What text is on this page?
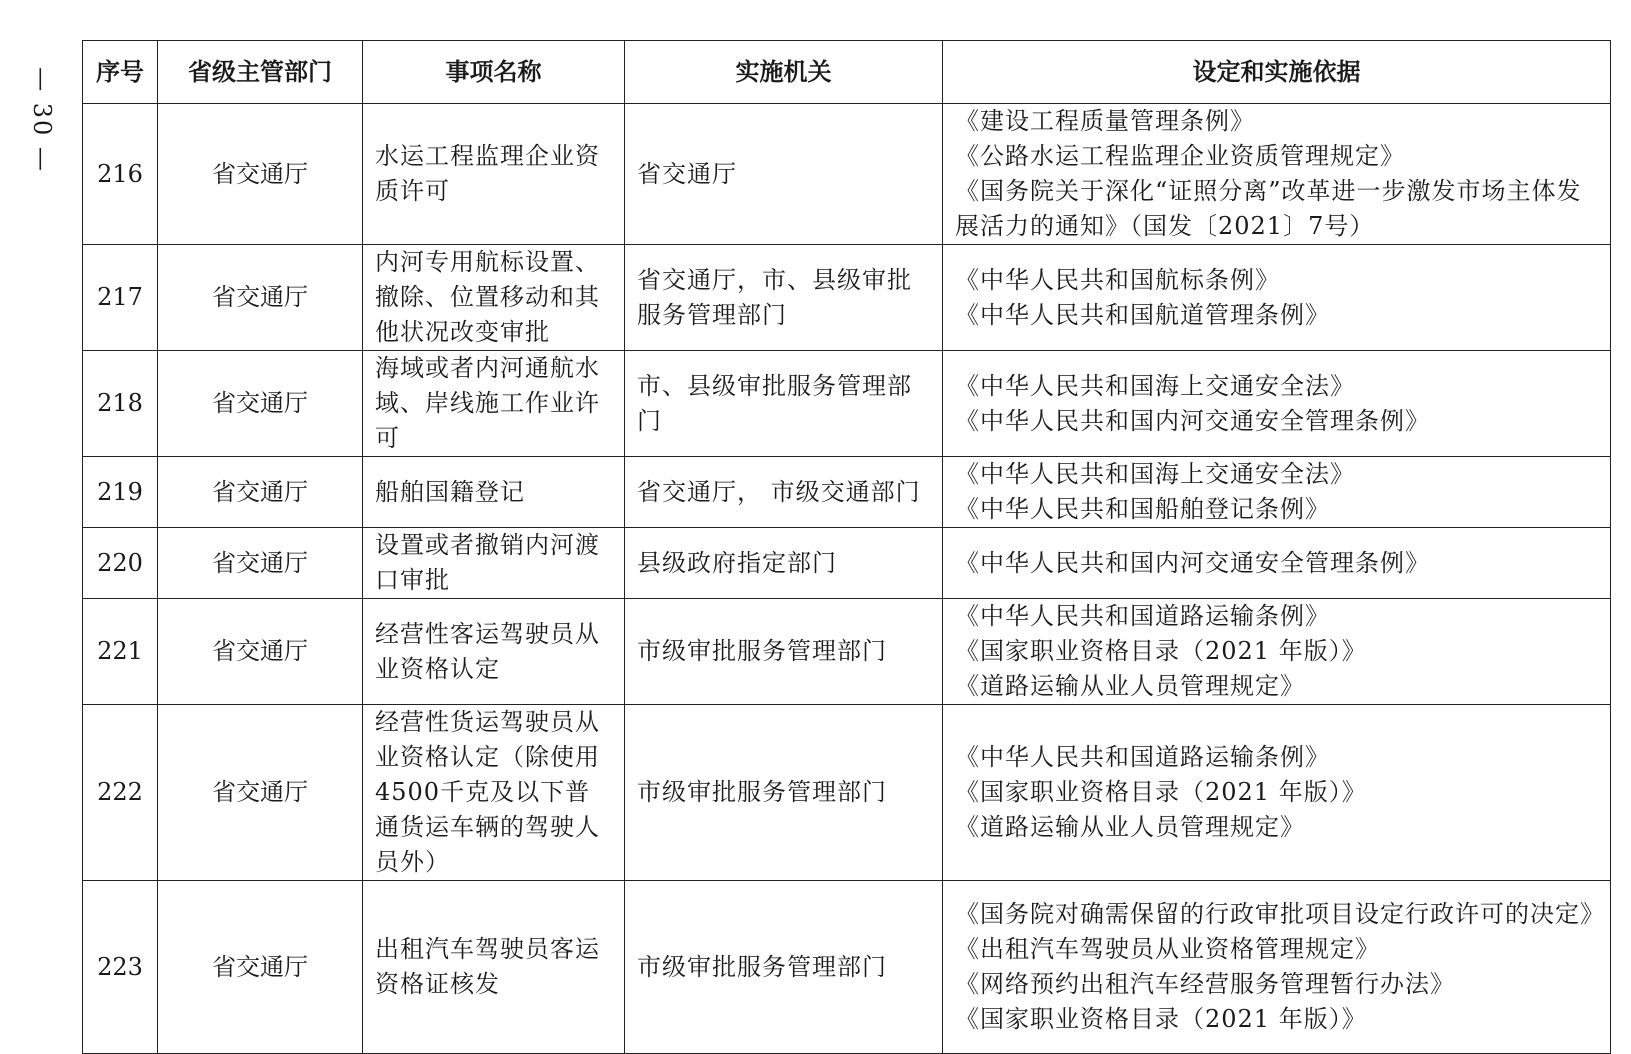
— 30 — 序号	省级主管部门	事项名称	实施机关	设定和实施依据
216	省交通厅	水运工程监理企业资质许可	省交通厅	《建设工程质量管理条例》
《公路水运工程监理企业资质管理规定》
《国务院关于深化“证照分离”改革进一步激发市场主体发展活力的通知》（国发〔2021〕7号）

217	省交通厅	内河专用航标设置、撤除、位置移动和其他状况改变审批	省交通厅，市、县级审批服务管理部门	《中华人民共和国航标条例》
《中华人民共和国航道管理条例》

218	省交通厅	海域或者内河通航水域、岸线施工作业许可	市、县级审批服务管理部门	《中华人民共和国海上交通安全法》
《中华人民共和国内河交通安全管理条例》

219	省交通厅	船舶国籍登记	省交通厅， 市级交通部门	《中华人民共和国海上交通安全法》
《中华人民共和国船舶登记条例》

220	省交通厅	设置或者撤销内河渡口审批	县级政府指定部门	《中华人民共和国内河交通安全管理条例》

221	省交通厅	经营性客运驾驶员从业资格认定	市级审批服务管理部门	《中华人民共和国道路运输条例》
《国家职业资格目录（2021 年版）》
《道路运输从业人员管理规定》

222	省交通厅	经营性货运驾驶员从业资格认定（除使用4500千克及以下普通货运车辆的驾驶人员外）	市级审批服务管理部门	《中华人民共和国道路运输条例》
《国家职业资格目录（2021 年版）》
《道路运输从业人员管理规定》

223	省交通厅	出租汽车驾驶员客运资格证核发	市级审批服务管理部门	《国务院对确需保留的行政审批项目设定行政许可的决定》
《出租汽车驾驶员从业资格管理规定》
《网络预约出租汽车经营服务管理暂行办法》
《国家职业资格目录（2021 年版）》
